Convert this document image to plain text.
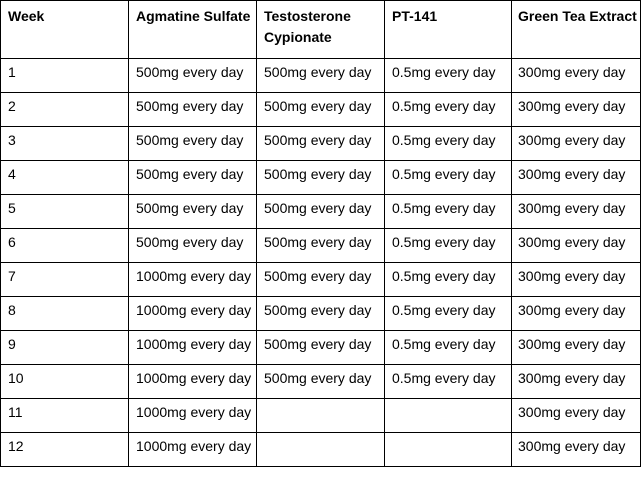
Week	Agmatine Sulfate	Testosterone Cypionate	PT-141	Green Tea Extract
1	500mg every day	500mg every day	0.5mg every day	300mg every day
2	500mg every day	500mg every day	0.5mg every day	300mg every day
3	500mg every day	500mg every day	0.5mg every day	300mg every day
4	500mg every day	500mg every day	0.5mg every day	300mg every day
5	500mg every day	500mg every day	0.5mg every day	300mg every day
6	500mg every day	500mg every day	0.5mg every day	300mg every day
7	1000mg every day	500mg every day	0.5mg every day	300mg every day
8	1000mg every day	500mg every day	0.5mg every day	300mg every day
9	1000mg every day	500mg every day	0.5mg every day	300mg every day
10	1000mg every day	500mg every day	0.5mg every day	300mg every day
11	1000mg every day			300mg every day
12	1000mg every day			300mg every day
